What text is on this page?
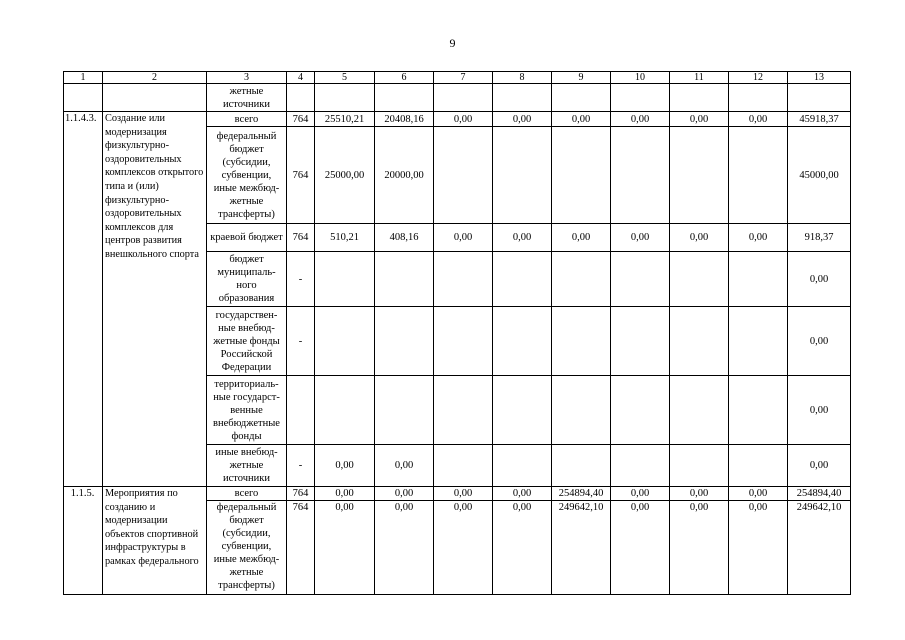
9
1	2	3	4	5	6	7	8	9	10	11	12	13
		жетные источники										
1.1.4.3.	Создание или модернизация физкультурно-оздоровительных комплексов открытого типа и (или) физкультурно-оздоровительных комплексов для центров развития внешкольного спорта	всего	764	25510,21	20408,16	0,00	0,00	0,00	0,00	0,00	0,00	45918,37
		федеральный бюджет (субсидии, субвенции, иные межбюд-жетные трансферты)	764	25000,00	20000,00							45000,00
		краевой бюджет	764	510,21	408,16	0,00	0,00	0,00	0,00	0,00	0,00	918,37
		бюджет муниципаль-ного образования	-									0,00
		государствен-ные внебюд-жетные фонды Российской Федерации	-									0,00
		территориаль-ные государст-венные внебюджетные фонды										0,00
		иные внебюд-жетные источники	-	0,00	0,00							0,00
1.1.5.	Мероприятия по созданию и модернизации объектов спортивной инфраструктуры в рамках федерального	всего	764	0,00	0,00	0,00	0,00	254894,40	0,00	0,00	0,00	254894,40
		федеральный бюджет (субсидии, субвенции, иные межбюд-жетные трансферты)	764	0,00	0,00	0,00	0,00	249642,10	0,00	0,00	0,00	249642,10
